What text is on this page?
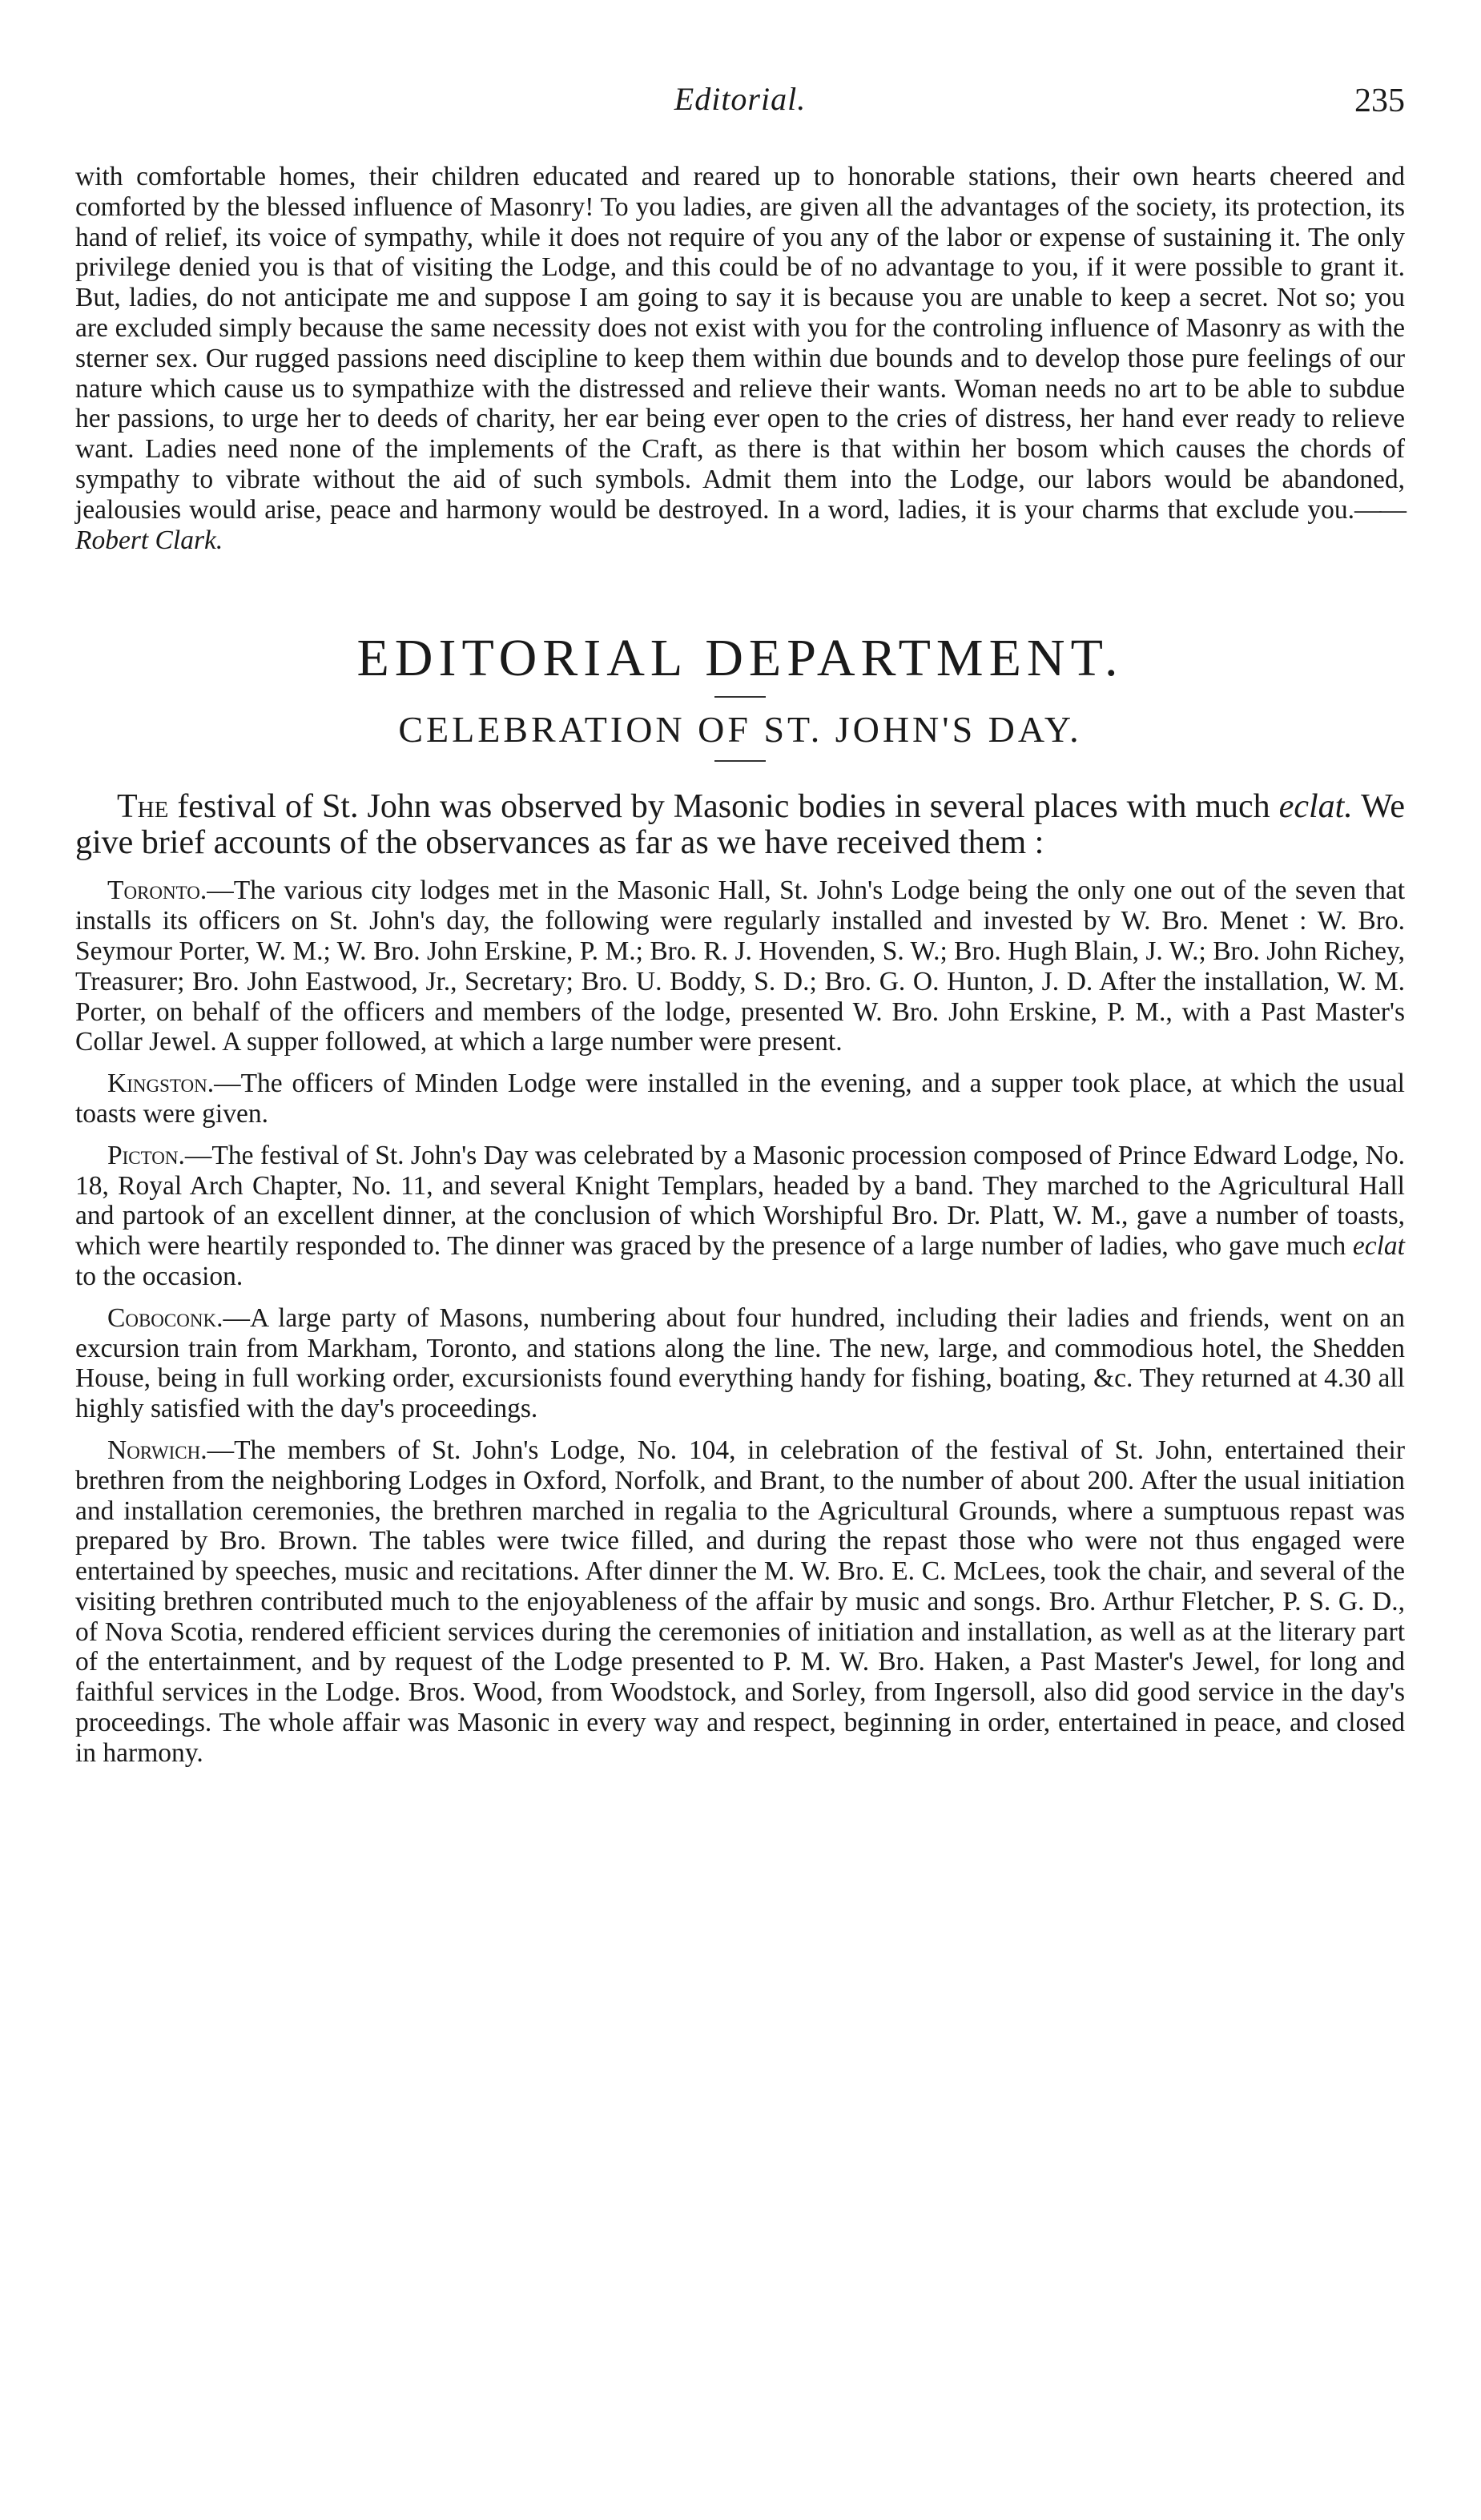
Editorial.	235

with comfortable homes, their children educated and reared up to honorable stations, their own hearts cheered and comforted by the blessed influence of Masonry! To you ladies, are given all the advantages of the society, its protection, its hand of relief, its voice of sympathy, while it does not require of you any of the labor or expense of sustaining it. The only privilege denied you is that of visiting the Lodge, and this could be of no advantage to you, if it were possible to grant it. But, ladies, do not anticipate me and suppose I am going to say it is because you are unable to keep a secret. Not so; you are excluded simply because the same necessity does not exist with you for the controling influence of Masonry as with the sterner sex. Our rugged passions need discipline to keep them within due bounds and to develop those pure feelings of our nature which cause us to sympathize with the distressed and relieve their wants. Woman needs no art to be able to subdue her passions, to urge her to deeds of charity, her ear being ever open to the cries of distress, her hand ever ready to relieve want. Ladies need none of the implements of the Craft, as there is that within her bosom which causes the chords of sympathy to vibrate without the aid of such symbols. Admit them into the Lodge, our labors would be abandoned, jealousies would arise, peace and harmony would be destroyed. In a word, ladies, it is your charms that exclude you.——Robert Clark.

EDITORIAL DEPARTMENT.
CELEBRATION OF ST. JOHN'S DAY.

The festival of St. John was observed by Masonic bodies in several places with much eclat. We give brief accounts of the observances as far as we have received them :

Toronto.—The various city lodges met in the Masonic Hall, St. John's Lodge being the only one out of the seven that installs its officers on St. John's day, the following were regularly installed and invested by W. Bro. Menet : W. Bro. Seymour Porter, W. M.; W. Bro. John Erskine, P. M.; Bro. R. J. Hovenden, S. W.; Bro. Hugh Blain, J. W.; Bro. John Richey, Treasurer; Bro. John Eastwood, Jr., Secretary; Bro. U. Boddy, S. D.; Bro. G. O. Hunton, J. D. After the installation, W. M. Porter, on behalf of the officers and members of the lodge, presented W. Bro. John Erskine, P. M., with a Past Master's Collar Jewel. A supper followed, at which a large number were present.

Kingston.—The officers of Minden Lodge were installed in the evening, and a supper took place, at which the usual toasts were given.

Picton.—The festival of St. John's Day was celebrated by a Masonic procession composed of Prince Edward Lodge, No. 18, Royal Arch Chapter, No. 11, and several Knight Templars, headed by a band. They marched to the Agricultural Hall and partook of an excellent dinner, at the conclusion of which Worshipful Bro. Dr. Platt, W. M., gave a number of toasts, which were heartily responded to. The dinner was graced by the presence of a large number of ladies, who gave much eclat to the occasion.

Coboconk.—A large party of Masons, numbering about four hundred, including their ladies and friends, went on an excursion train from Markham, Toronto, and stations along the line. The new, large, and commodious hotel, the Shedden House, being in full working order, excursionists found everything handy for fishing, boating, &c. They returned at 4.30 all highly satisfied with the day's proceedings.

Norwich.—The members of St. John's Lodge, No. 104, in celebration of the festival of St. John, entertained their brethren from the neighboring Lodges in Oxford, Norfolk, and Brant, to the number of about 200. After the usual initiation and installation ceremonies, the brethren marched in regalia to the Agricultural Grounds, where a sumptuous repast was prepared by Bro. Brown. The tables were twice filled, and during the repast those who were not thus engaged were entertained by speeches, music and recitations. After dinner the M. W. Bro. E. C. McLees, took the chair, and several of the visiting brethren contributed much to the enjoyableness of the affair by music and songs. Bro. Arthur Fletcher, P. S. G. D., of Nova Scotia, rendered efficient services during the ceremonies of initiation and installation, as well as at the literary part of the entertainment, and by request of the Lodge presented to P. M. W. Bro. Haken, a Past Master's Jewel, for long and faithful services in the Lodge. Bros. Wood, from Woodstock, and Sorley, from Ingersoll, also did good service in the day's proceedings. The whole affair was Masonic in every way and respect, beginning in order, entertained in peace, and closed in harmony.
